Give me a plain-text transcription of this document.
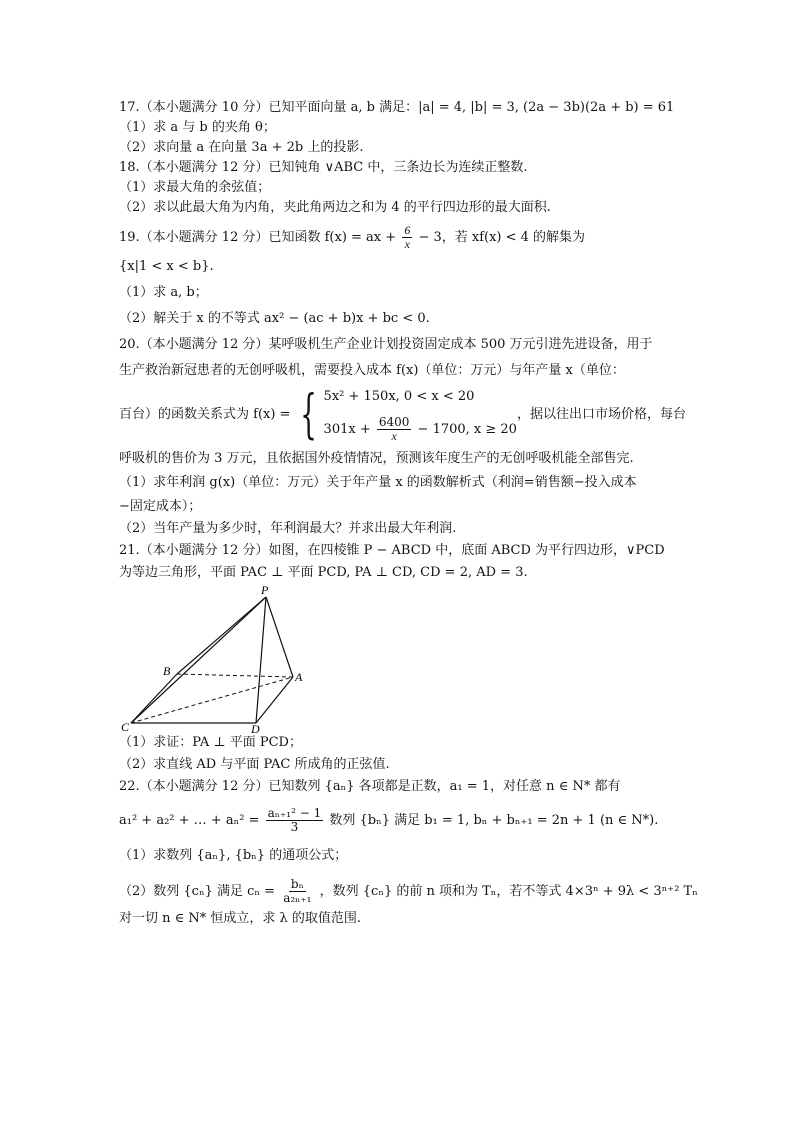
17.（本小题满分 10 分）已知平面向量 a, b 满足：|a| = 4, |b| = 3, (2a − 3b)(2a + b) = 61
（1）求 a 与 b 的夹角 θ；
（2）求向量 a 在向量 3a + 2b 上的投影.
18.（本小题满分 12 分）已知钝角 ∨ABC 中，三条边长为连续正整数.
（1）求最大角的余弦值；
（2）求以此最大角为内角，夹此角两边之和为 4 的平行四边形的最大面积.
19.（本小题满分 12 分）已知函数 f(x) = ax + $\frac{6}{x} - 3$，若 xf(x) < 4 的解集为
{x|1 < x < b}.
（1）求 a, b；
（2）解关于 x 的不等式 ax² − (ac + b)x + bc < 0.
20.（本小题满分 12 分）某呼吸机生产企业计划投资固定成本 500 万元引进先进设备，用于
生产救治新冠患者的无创呼吸机，需要投入成本 f(x)（单位：万元）与年产量 x（单位：
百台）的函数关系式为 f(x) = { 5x² + 150x, 0 < x < 20
$301x + \frac{6400}{x} - 1700$, x ≥ 20
，据以往出口市场价格，每台
呼吸机的售价为 3 万元，且依据国外疫情情况，预测该年度生产的无创呼吸机能全部售完.
（1）求年利润 g(x)（单位：万元）关于年产量 x 的函数解析式（利润=销售额−投入成本
−固定成本）；
（2）当年产量为多少时，年利润最大？并求出最大年利润.
21.（本小题满分 12 分）如图，在四棱锥 P − ABCD 中，底面 ABCD 为平行四边形，∨PCD
为等边三角形，平面 PAC ⊥ 平面 PCD, PA ⊥ CD, CD = 2, AD = 3.
P
B	A
C	D
（1）求证：PA ⊥ 平面 PCD；
（2）求直线 AD 与平面 PAC 所成角的正弦值.
22.（本小题满分 12 分）已知数列 {aₙ} 各项都是正数，a₁ = 1，对任意 n ∈ N* 都有
a₁² + a₂² + … + $a_n^2 = \frac{\text{aₙ₊₁² − 1}}{3}$ 数列 {bₙ} 满足 b₁ = 1, bₙ + bₙ₊₁ = 2n + 1 (n ∈ N*).
（1）求数列 {aₙ}, {bₙ} 的通项公式；
（2）数列 {cₙ} 满足 $c_n = \frac{\text{bₙ}}{\text{a₂ₙ₊₁}}$ ，数列 {cₙ} 的前 n 项和为 Tₙ，若不等式 4×3ⁿ + 9λ < 3ⁿ⁺² Tₙ
对一切 n ∈ N* 恒成立，求 λ 的取值范围.
